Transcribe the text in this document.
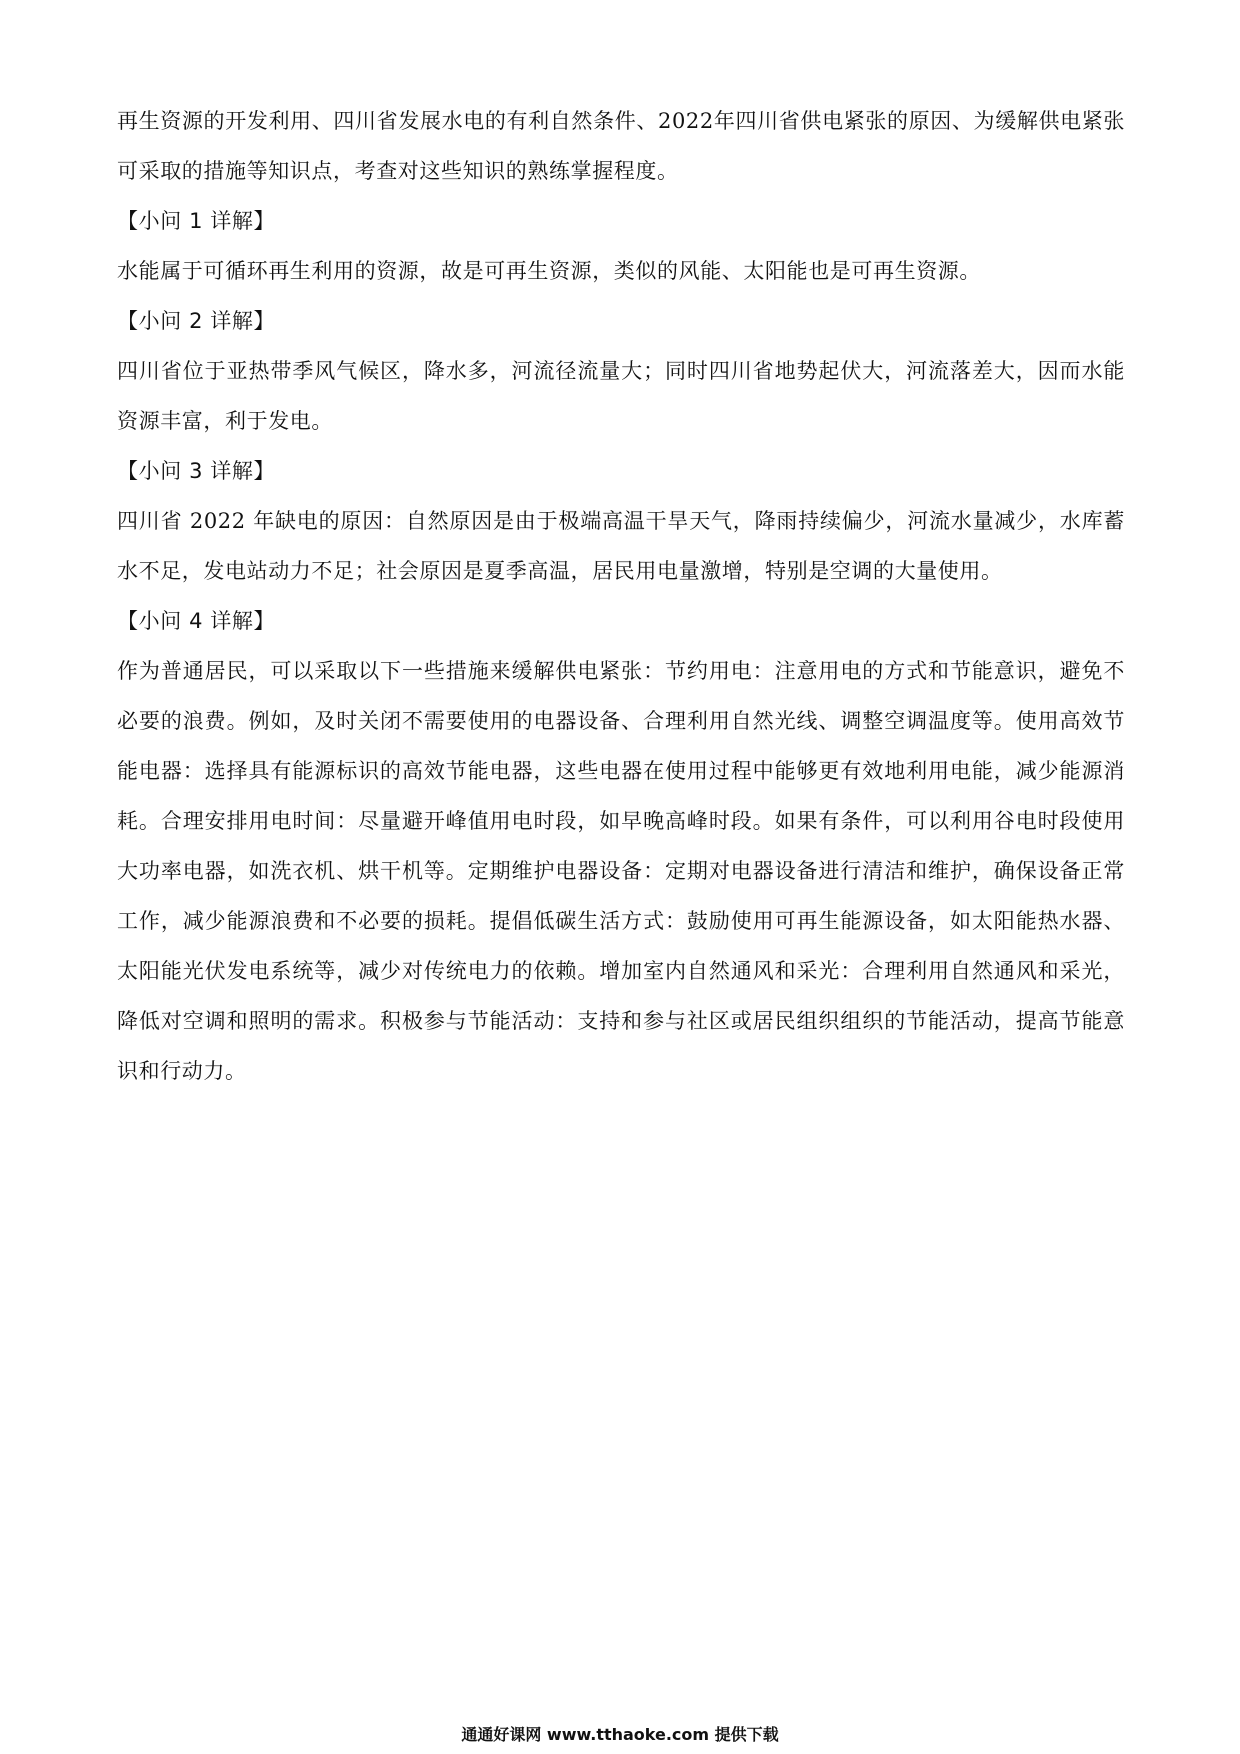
再生资源的开发利用、四川省发展水电的有利自然条件、2022年四川省供电紧张的原因、为缓解供电紧张可采取的措施等知识点，考查对这些知识的熟练掌握程度。

【小问 1 详解】

水能属于可循环再生利用的资源，故是可再生资源，类似的风能、太阳能也是可再生资源。

【小问 2 详解】

四川省位于亚热带季风气候区，降水多，河流径流量大；同时四川省地势起伏大，河流落差大，因而水能资源丰富，利于发电。

【小问 3 详解】

四川省 2022 年缺电的原因：自然原因是由于极端高温干旱天气，降雨持续偏少，河流水量减少，水库蓄水不足，发电站动力不足；社会原因是夏季高温，居民用电量激增，特别是空调的大量使用。

【小问 4 详解】

作为普通居民，可以采取以下一些措施来缓解供电紧张：节约用电：注意用电的方式和节能意识，避免不必要的浪费。例如，及时关闭不需要使用的电器设备、合理利用自然光线、调整空调温度等。使用高效节能电器：选择具有能源标识的高效节能电器，这些电器在使用过程中能够更有效地利用电能，减少能源消耗。合理安排用电时间：尽量避开峰值用电时段，如早晚高峰时段。如果有条件，可以利用谷电时段使用大功率电器，如洗衣机、烘干机等。定期维护电器设备：定期对电器设备进行清洁和维护，确保设备正常工作，减少能源浪费和不必要的损耗。提倡低碳生活方式：鼓励使用可再生能源设备，如太阳能热水器、太阳能光伏发电系统等，减少对传统电力的依赖。增加室内自然通风和采光：合理利用自然通风和采光，降低对空调和照明的需求。积极参与节能活动：支持和参与社区或居民组织组织的节能活动，提高节能意识和行动力。

通通好课网 www.tthaoke.com 提供下载
